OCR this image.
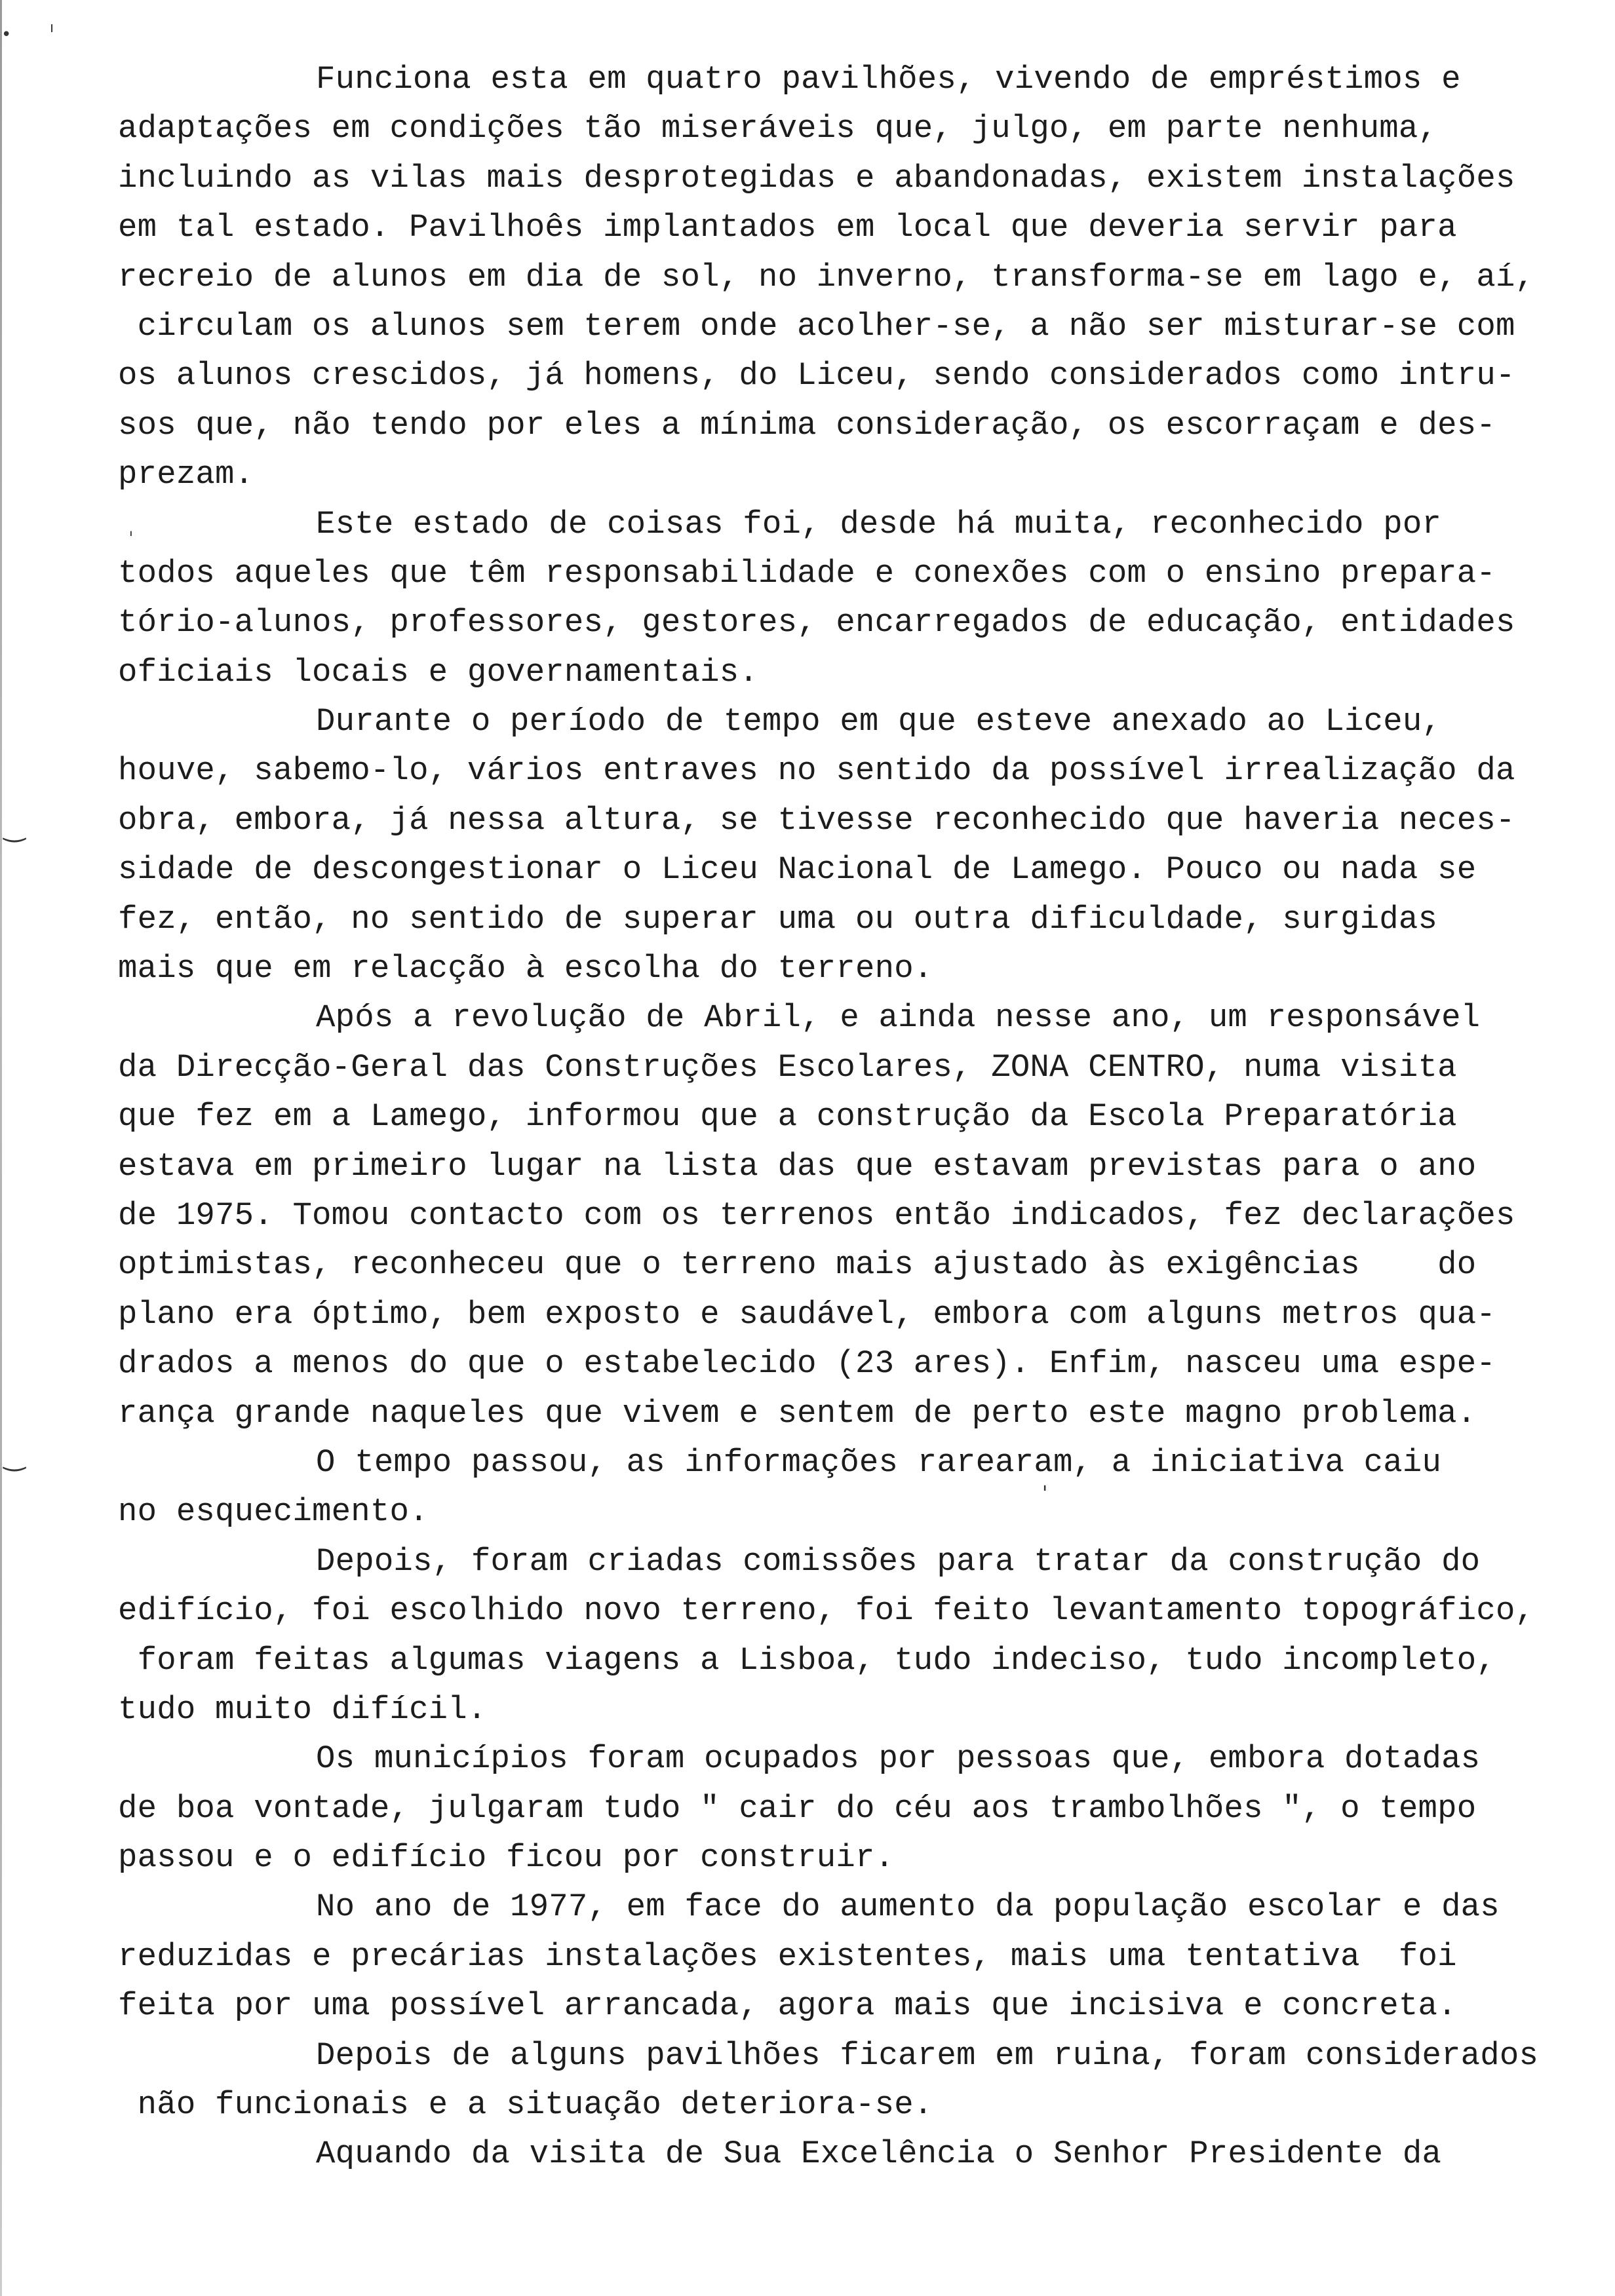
•	ı
ˌ
‿
‿
'
Funciona esta em quatro pavilhões, vivendo de empréstimos e
adaptações em condições tão miseráveis que, julgo, em parte nenhuma,
incluindo as vilas mais desprotegidas e abandonadas, existem instalações
em tal estado. Pavilhoês implantados em local que deveria servir para
recreio de alunos em dia de sol, no inverno, transforma-se em lago e, aí,
circulam os alunos sem terem onde acolher-se, a não ser misturar-se com
os alunos crescidos, já homens, do Liceu, sendo considerados como intru-
sos que, não tendo por eles a mínima consideração, os escorraçam e des-
prezam.
Este estado de coisas foi, desde há muita, reconhecido por
todos aqueles que têm responsabilidade e conexões com o ensino prepara-
tório-alunos, professores, gestores, encarregados de educação, entidades
oficiais locais e governamentais.
Durante o período de tempo em que esteve anexado ao Liceu,
houve, sabemo-lo, vários entraves no sentido da possível irrealização da
obra, embora, já nessa altura, se tivesse reconhecido que haveria neces-
sidade de descongestionar o Liceu Nacional de Lamego. Pouco ou nada se
fez, então, no sentido de superar uma ou outra dificuldade, surgidas
mais que em relacção à escolha do terreno.
Após a revolução de Abril, e ainda nesse ano, um responsável
da Direcção-Geral das Construções Escolares, ZONA CENTRO, numa visita
que fez em a Lamego, informou que a construção da Escola Preparatória
estava em primeiro lugar na lista das que estavam previstas para o ano
de 1975. Tomou contacto com os terrenos então indicados, fez declarações
optimistas, reconheceu que o terreno mais ajustado às exigências    do
plano era óptimo, bem exposto e saudável, embora com alguns metros qua-
drados a menos do que o estabelecido (23 ares). Enfim, nasceu uma espe-
rança grande naqueles que vivem e sentem de perto este magno problema.
O tempo passou, as informações rarearam, a iniciativa caiu
no esquecimento.
Depois, foram criadas comissões para tratar da construção do
edifício, foi escolhido novo terreno, foi feito levantamento topográfico,
foram feitas algumas viagens a Lisboa, tudo indeciso, tudo incompleto,
tudo muito difícil.
Os municípios foram ocupados por pessoas que, embora dotadas
de boa vontade, julgaram tudo " cair do céu aos trambolhões ", o tempo
passou e o edifício ficou por construir.
No ano de 1977, em face do aumento da população escolar e das
reduzidas e precárias instalações existentes, mais uma tentativa  foi
feita por uma possível arrancada, agora mais que incisiva e concreta.
Depois de alguns pavilhões ficarem em ruina, foram considerados
não funcionais e a situação deteriora-se.
Aquando da visita de Sua Excelência o Senhor Presidente da
